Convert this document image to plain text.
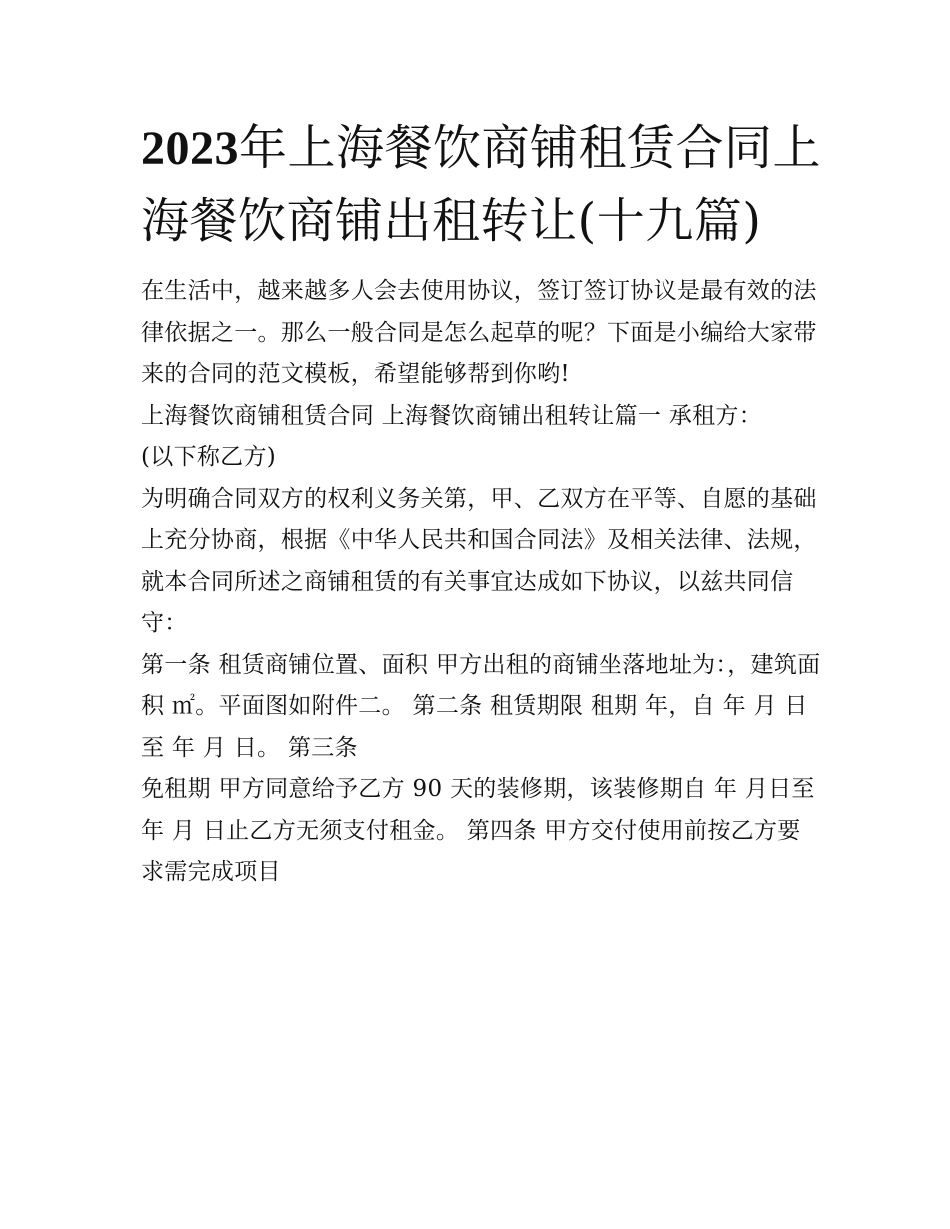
2023年上海餐饮商铺租赁合同上海餐饮商铺出租转让(十九篇)

在生活中，越来越多人会去使用协议，签订签订协议是最有效的法律依据之一。那么一般合同是怎么起草的呢？下面是小编给大家带来的合同的范文模板，希望能够帮到你哟!

上海餐饮商铺租赁合同 上海餐饮商铺出租转让篇一 承租方：

(以下称乙方)

为明确合同双方的权利义务关第，甲、乙双方在平等、自愿的基础上充分协商，根据《中华人民共和国合同法》及相关法律、法规，就本合同所述之商铺租赁的有关事宜达成如下协议，以兹共同信守：

第一条 租赁商铺位置、面积 甲方出租的商铺坐落地址为：，建筑面积 ㎡。平面图如附件二。 第二条 租赁期限 租期 年，自 年 月 日至 年 月 日。 第三条

免租期 甲方同意给予乙方 90 天的装修期，该装修期自 年 月日至 年 月 日止乙方无须支付租金。 第四条 甲方交付使用前按乙方要求需完成项目
